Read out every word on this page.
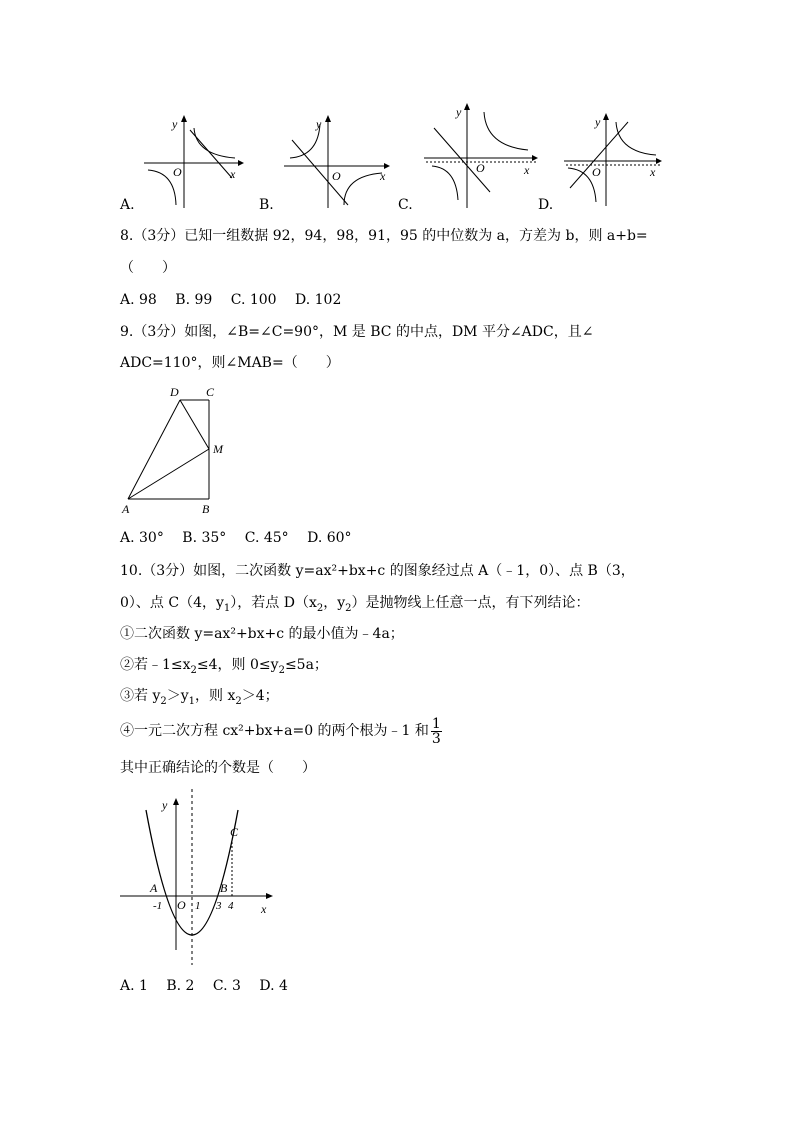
y
O	x
A.
y
O	x
B.
y
O	x
C.
y
O	x
D.
8.（3分）已知一组数据 92，94，98，91，95 的中位数为 a，方差为 b，则 a+b=
（　　）
A. 98　 B. 99　 C. 100　 D. 102
9.（3分）如图，∠B=∠C=90°，M 是 BC 的中点，DM 平分∠ADC，且∠
ADC=110°，则∠MAB=（　　）
D C
M
A	B
A. 30°　 B. 35°　 C. 45°　 D. 60°
10.（3分）如图，二次函数 y=ax²+bx+c 的图象经过点 A（﹣1，0）、点 B（3，
0）、点 C（4，$y_1$），若点 $D(x_2$，$y_2$）是抛物线上任意一点，有下列结论：
①二次函数 y=ax²+bx+c 的最小值为﹣4a；
②若$﹣1\le x_2\le 4$，则 $0\le y_2\le 5a$；
③若 $y_2>y_1$，则 $x_2>4$；
④一元二次方程 cx²+bx+a=0 的两个根为﹣1 和 $\frac{1}{3}$
其中正确结论的个数是（　　）
C
y
A	B
O
-1	1 3 4 x
A. 1　 B. 2　 C. 3　 D. 4
